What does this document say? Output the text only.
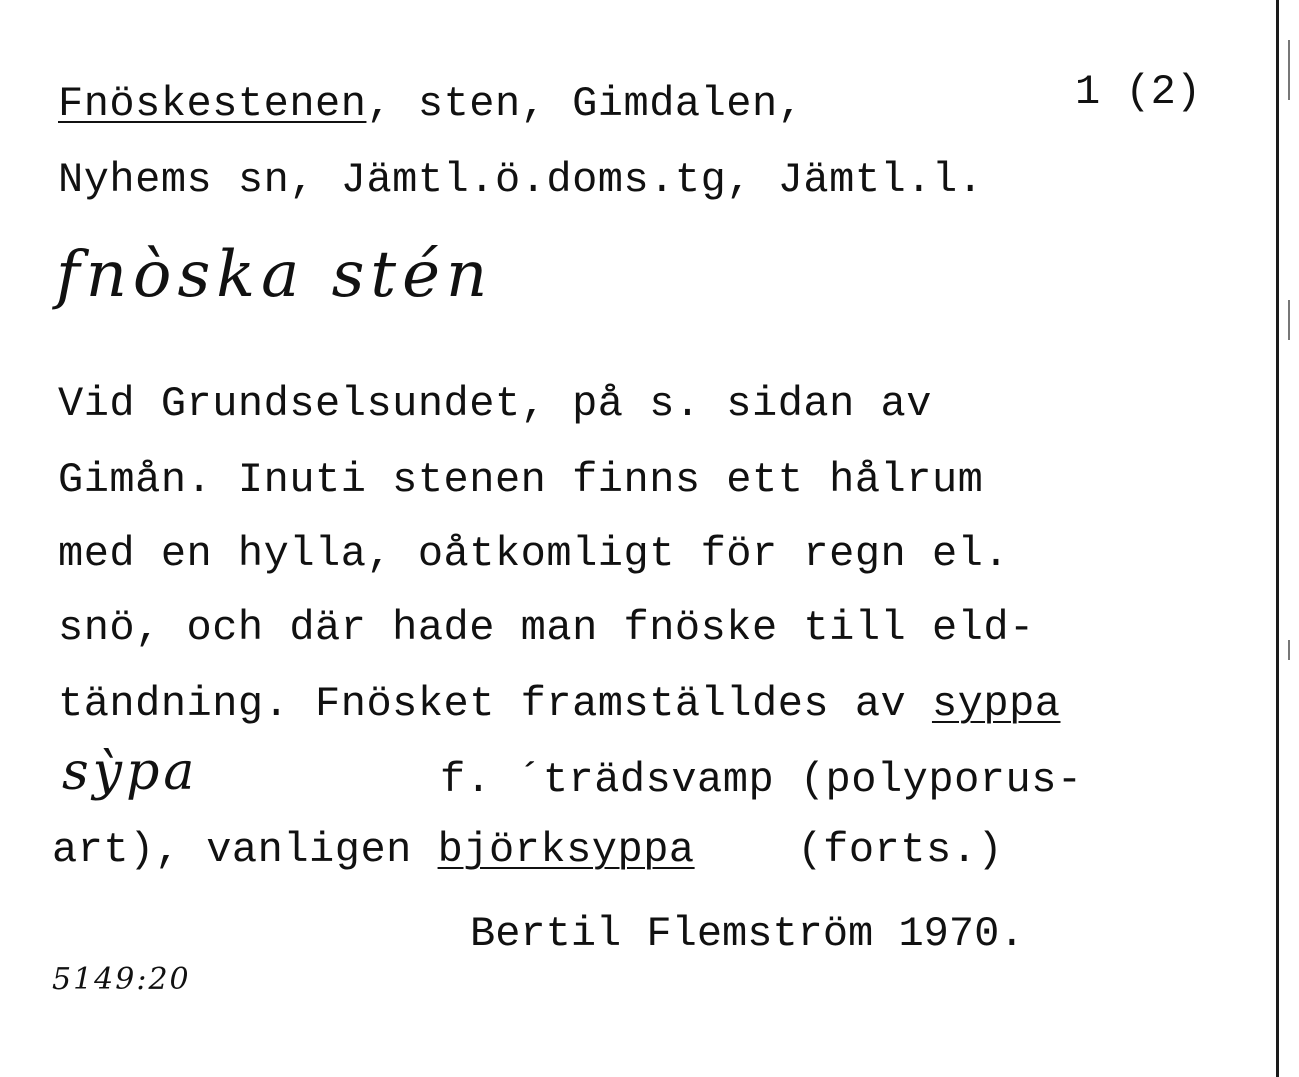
1 (2)
Fnöskestenen, sten, Gimdalen,
Nyhems sn, Jämtl.ö.doms.tg, Jämtl.l.
fnòska stén
Vid Grundselsundet, på s. sidan av
Gimån. Inuti stenen finns ett hålrum
med en hylla, oåtkomligt för regn el.
snö, och där hade man fnöske till eld-
tändning. Fnösket framställdes av syppa
sỳpa	f. ´trädsvamp (polyporus-
art), vanligen björksyppa    (forts.)
Bertil Flemström 1970.
5149:20
